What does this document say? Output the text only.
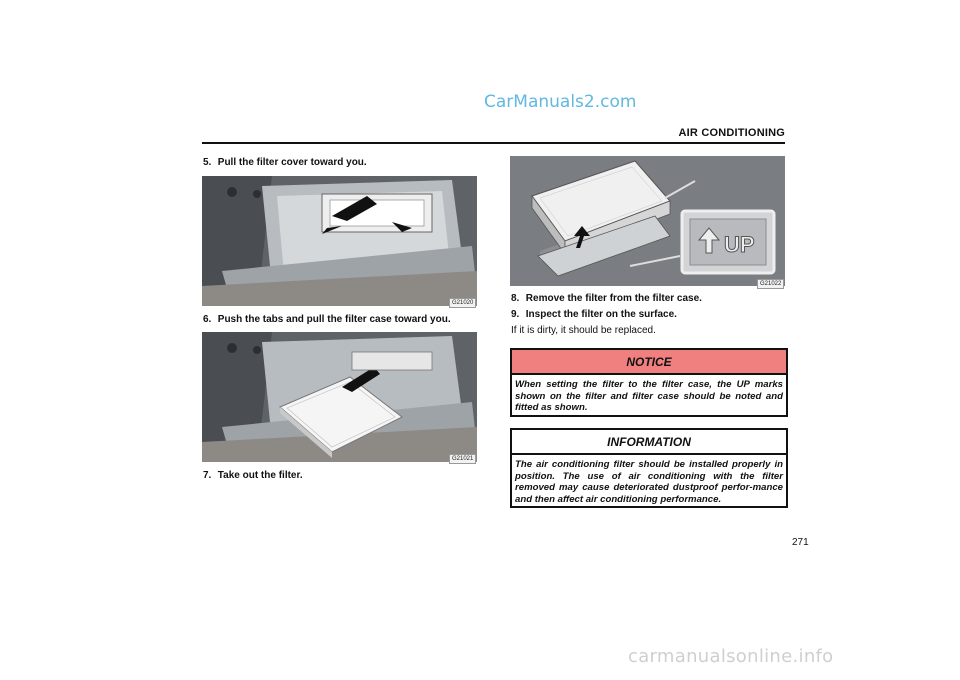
CarManuals2.com
AIR CONDITIONING
5. Pull the filter cover toward you.
G21020
6. Push the tabs and pull the filter case toward you.
G21021
7. Take out the filter.
UP
G21022
8. Remove the filter from the filter case.
9. Inspect the filter on the surface.
If it is dirty, it should be replaced.
NOTICE
When setting the filter to the filter case, the UP marks shown on the filter and filter case should be noted and fitted as shown.
INFORMATION
The air conditioning filter should be installed properly in position. The use of air conditioning with the filter removed may cause deteriorated dustproof perfor-mance and then affect air conditioning performance.
271
carmanualsonline.info
